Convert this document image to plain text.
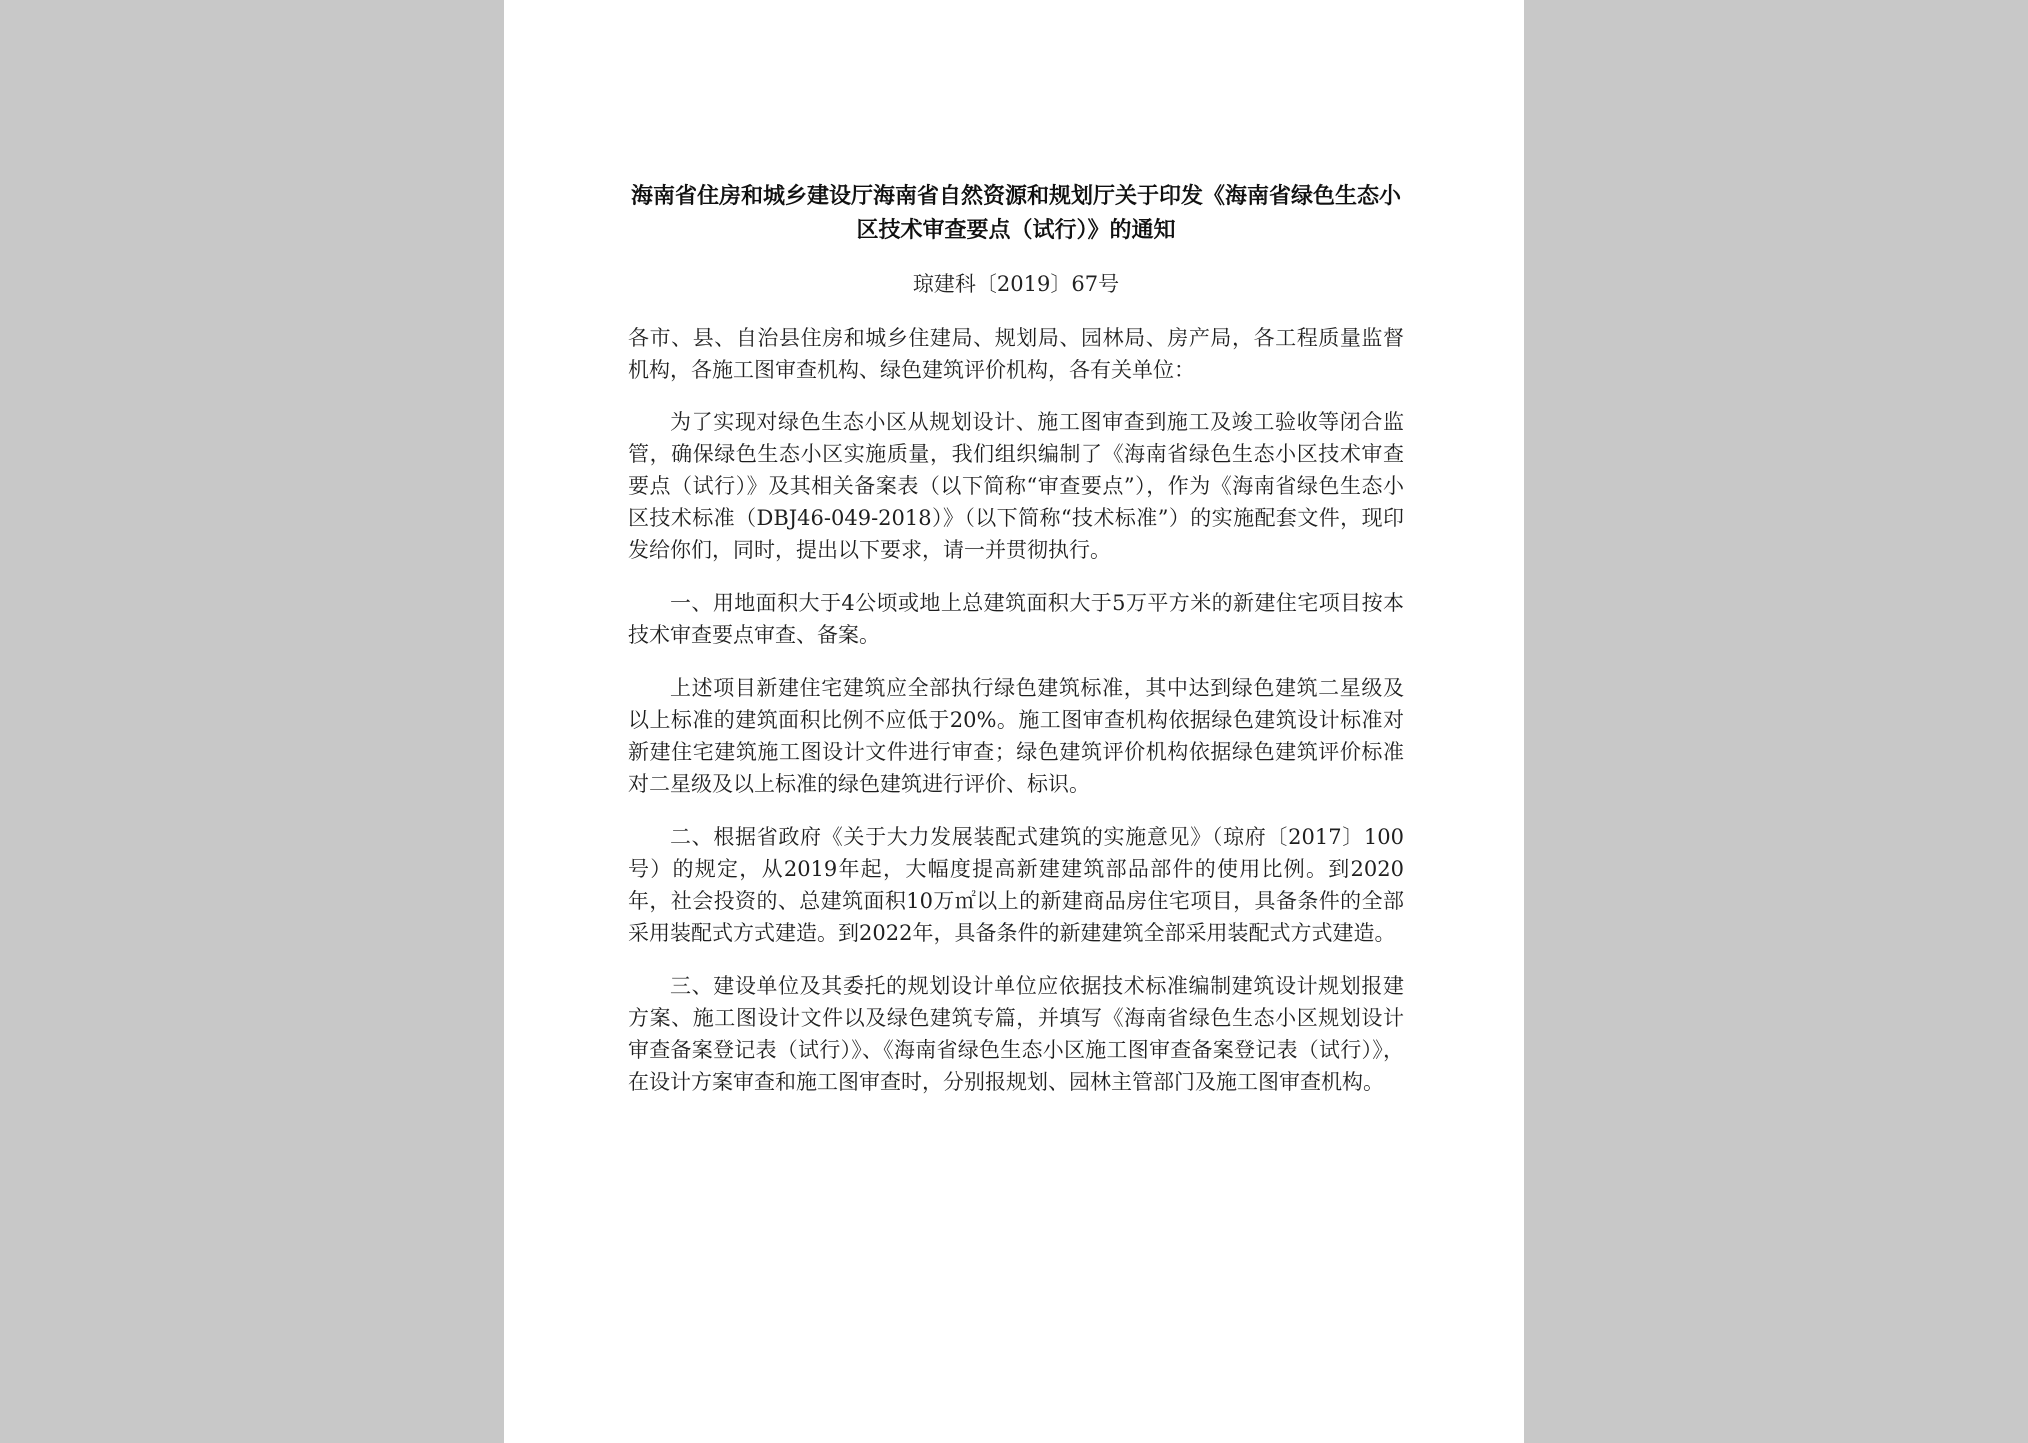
海南省住房和城乡建设厅海南省自然资源和规划厅关于印发《海南省绿色生态小区技术审查要点（试行）》的通知
琼建科〔2019〕67号
各市、县、自治县住房和城乡住建局、规划局、园林局、房产局，各工程质量监督机构，各施工图审查机构、绿色建筑评价机构，各有关单位：

为了实现对绿色生态小区从规划设计、施工图审查到施工及竣工验收等闭合监管，确保绿色生态小区实施质量，我们组织编制了《海南省绿色生态小区技术审查要点（试行）》及其相关备案表（以下简称“审查要点”），作为《海南省绿色生态小区技术标准（DBJ46-049-2018）》（以下简称“技术标准”）的实施配套文件，现印发给你们，同时，提出以下要求，请一并贯彻执行。

一、用地面积大于4公顷或地上总建筑面积大于5万平方米的新建住宅项目按本技术审查要点审查、备案。

上述项目新建住宅建筑应全部执行绿色建筑标准，其中达到绿色建筑二星级及以上标准的建筑面积比例不应低于20%。施工图审查机构依据绿色建筑设计标准对新建住宅建筑施工图设计文件进行审查；绿色建筑评价机构依据绿色建筑评价标准对二星级及以上标准的绿色建筑进行评价、标识。

二、根据省政府《关于大力发展装配式建筑的实施意见》（琼府〔2017〕100号）的规定，从2019年起，大幅度提高新建建筑部品部件的使用比例。到2020年，社会投资的、总建筑面积10万㎡以上的新建商品房住宅项目，具备条件的全部采用装配式方式建造。到2022年，具备条件的新建建筑全部采用装配式方式建造。

三、建设单位及其委托的规划设计单位应依据技术标准编制建筑设计规划报建方案、施工图设计文件以及绿色建筑专篇，并填写《海南省绿色生态小区规划设计审查备案登记表（试行）》、《海南省绿色生态小区施工图审查备案登记表（试行）》，在设计方案审查和施工图审查时，分别报规划、园林主管部门及施工图审查机构。
